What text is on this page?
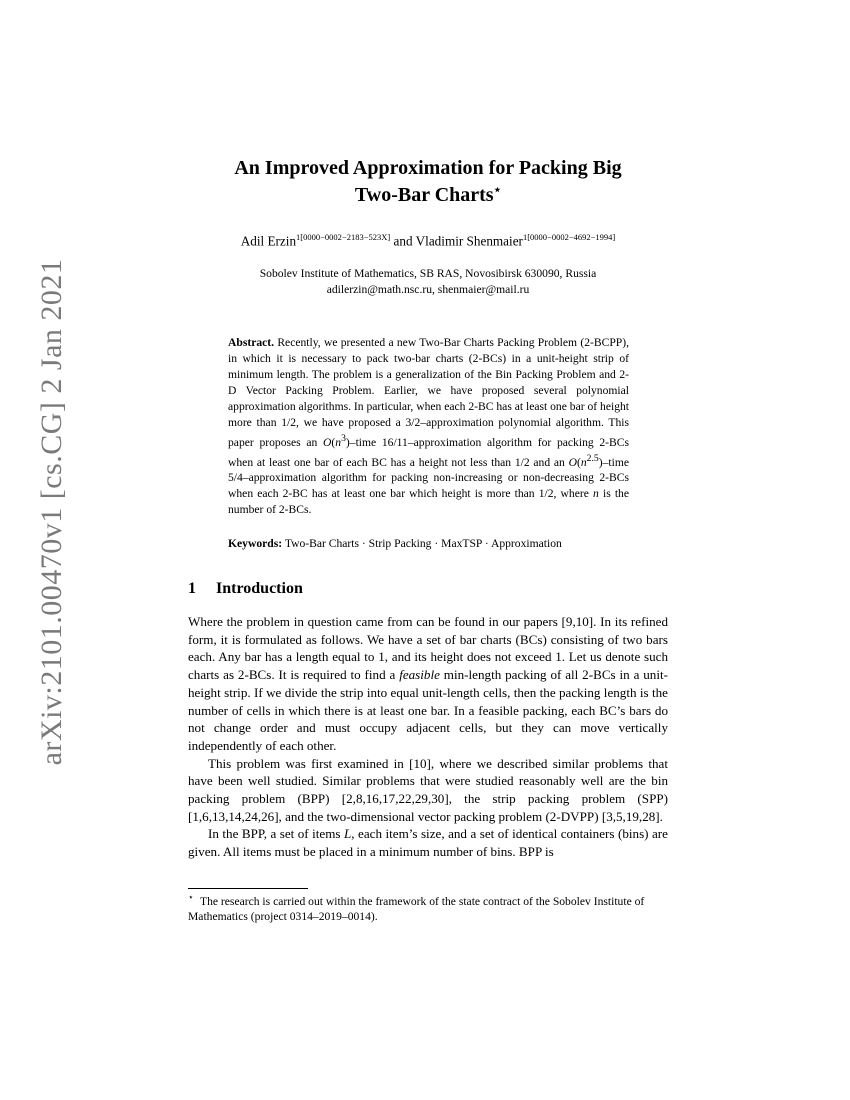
arXiv:2101.00470v1 [cs.CG] 2 Jan 2021
An Improved Approximation for Packing Big
Two-Bar Charts⋆
Adil Erzin$^{1[0000-0002-2183-523X]}$ and Vladimir Shenmaier$^{1[0000-0002-4692-1994]}$
Sobolev Institute of Mathematics, SB RAS, Novosibirsk 630090, Russia
adilerzin@math.nsc.ru, shenmaier@mail.ru
Abstract. Recently, we presented a new Two-Bar Charts Packing Problem (2-BCPP), in which it is necessary to pack two-bar charts (2-BCs) in a unit-height strip of minimum length. The problem is a generalization of the Bin Packing Problem and 2-D Vector Packing Problem. Earlier, we have proposed several polynomial approximation algorithms. In particular, when each 2-BC has at least one bar of height more than 1/2, we have proposed a 3/2–approximation polynomial algorithm. This paper proposes an $O(n^3)$–time 16/11–approximation algorithm for packing 2-BCs when at least one bar of each BC has a height not less than 1/2 and an $O(n^{2.5})$–time 5/4–approximation algorithm for packing non-increasing or non-decreasing 2-BCs when each 2-BC has at least one bar which height is more than 1/2, where n is the number of 2-BCs.
Keywords: Two-Bar Charts · Strip Packing · MaxTSP · Approximation
1 Introduction

Where the problem in question came from can be found in our papers [9,10]. In its refined form, it is formulated as follows. We have a set of bar charts (BCs) consisting of two bars each. Any bar has a length equal to 1, and its height does not exceed 1. Let us denote such charts as 2-BCs. It is required to find a feasible min-length packing of all 2-BCs in a unit-height strip. If we divide the strip into equal unit-length cells, then the packing length is the number of cells in which there is at least one bar. In a feasible packing, each BC’s bars do not change order and must occupy adjacent cells, but they can move vertically independently of each other.

This problem was first examined in [10], where we described similar problems that have been well studied. Similar problems that were studied reasonably well are the bin packing problem (BPP) [2,8,16,17,22,29,30], the strip packing problem (SPP)[1,6,13,14,24,26], and the two-dimensional vector packing problem (2-DVPP) [3,5,19,28].

In the BPP, a set of items L, each item’s size, and a set of identical containers (bins) are given. All items must be placed in a minimum number of bins. BPP is

⋆ The research is carried out within the framework of the state contract of the Sobolev Institute of Mathematics (project 0314–2019–0014).
